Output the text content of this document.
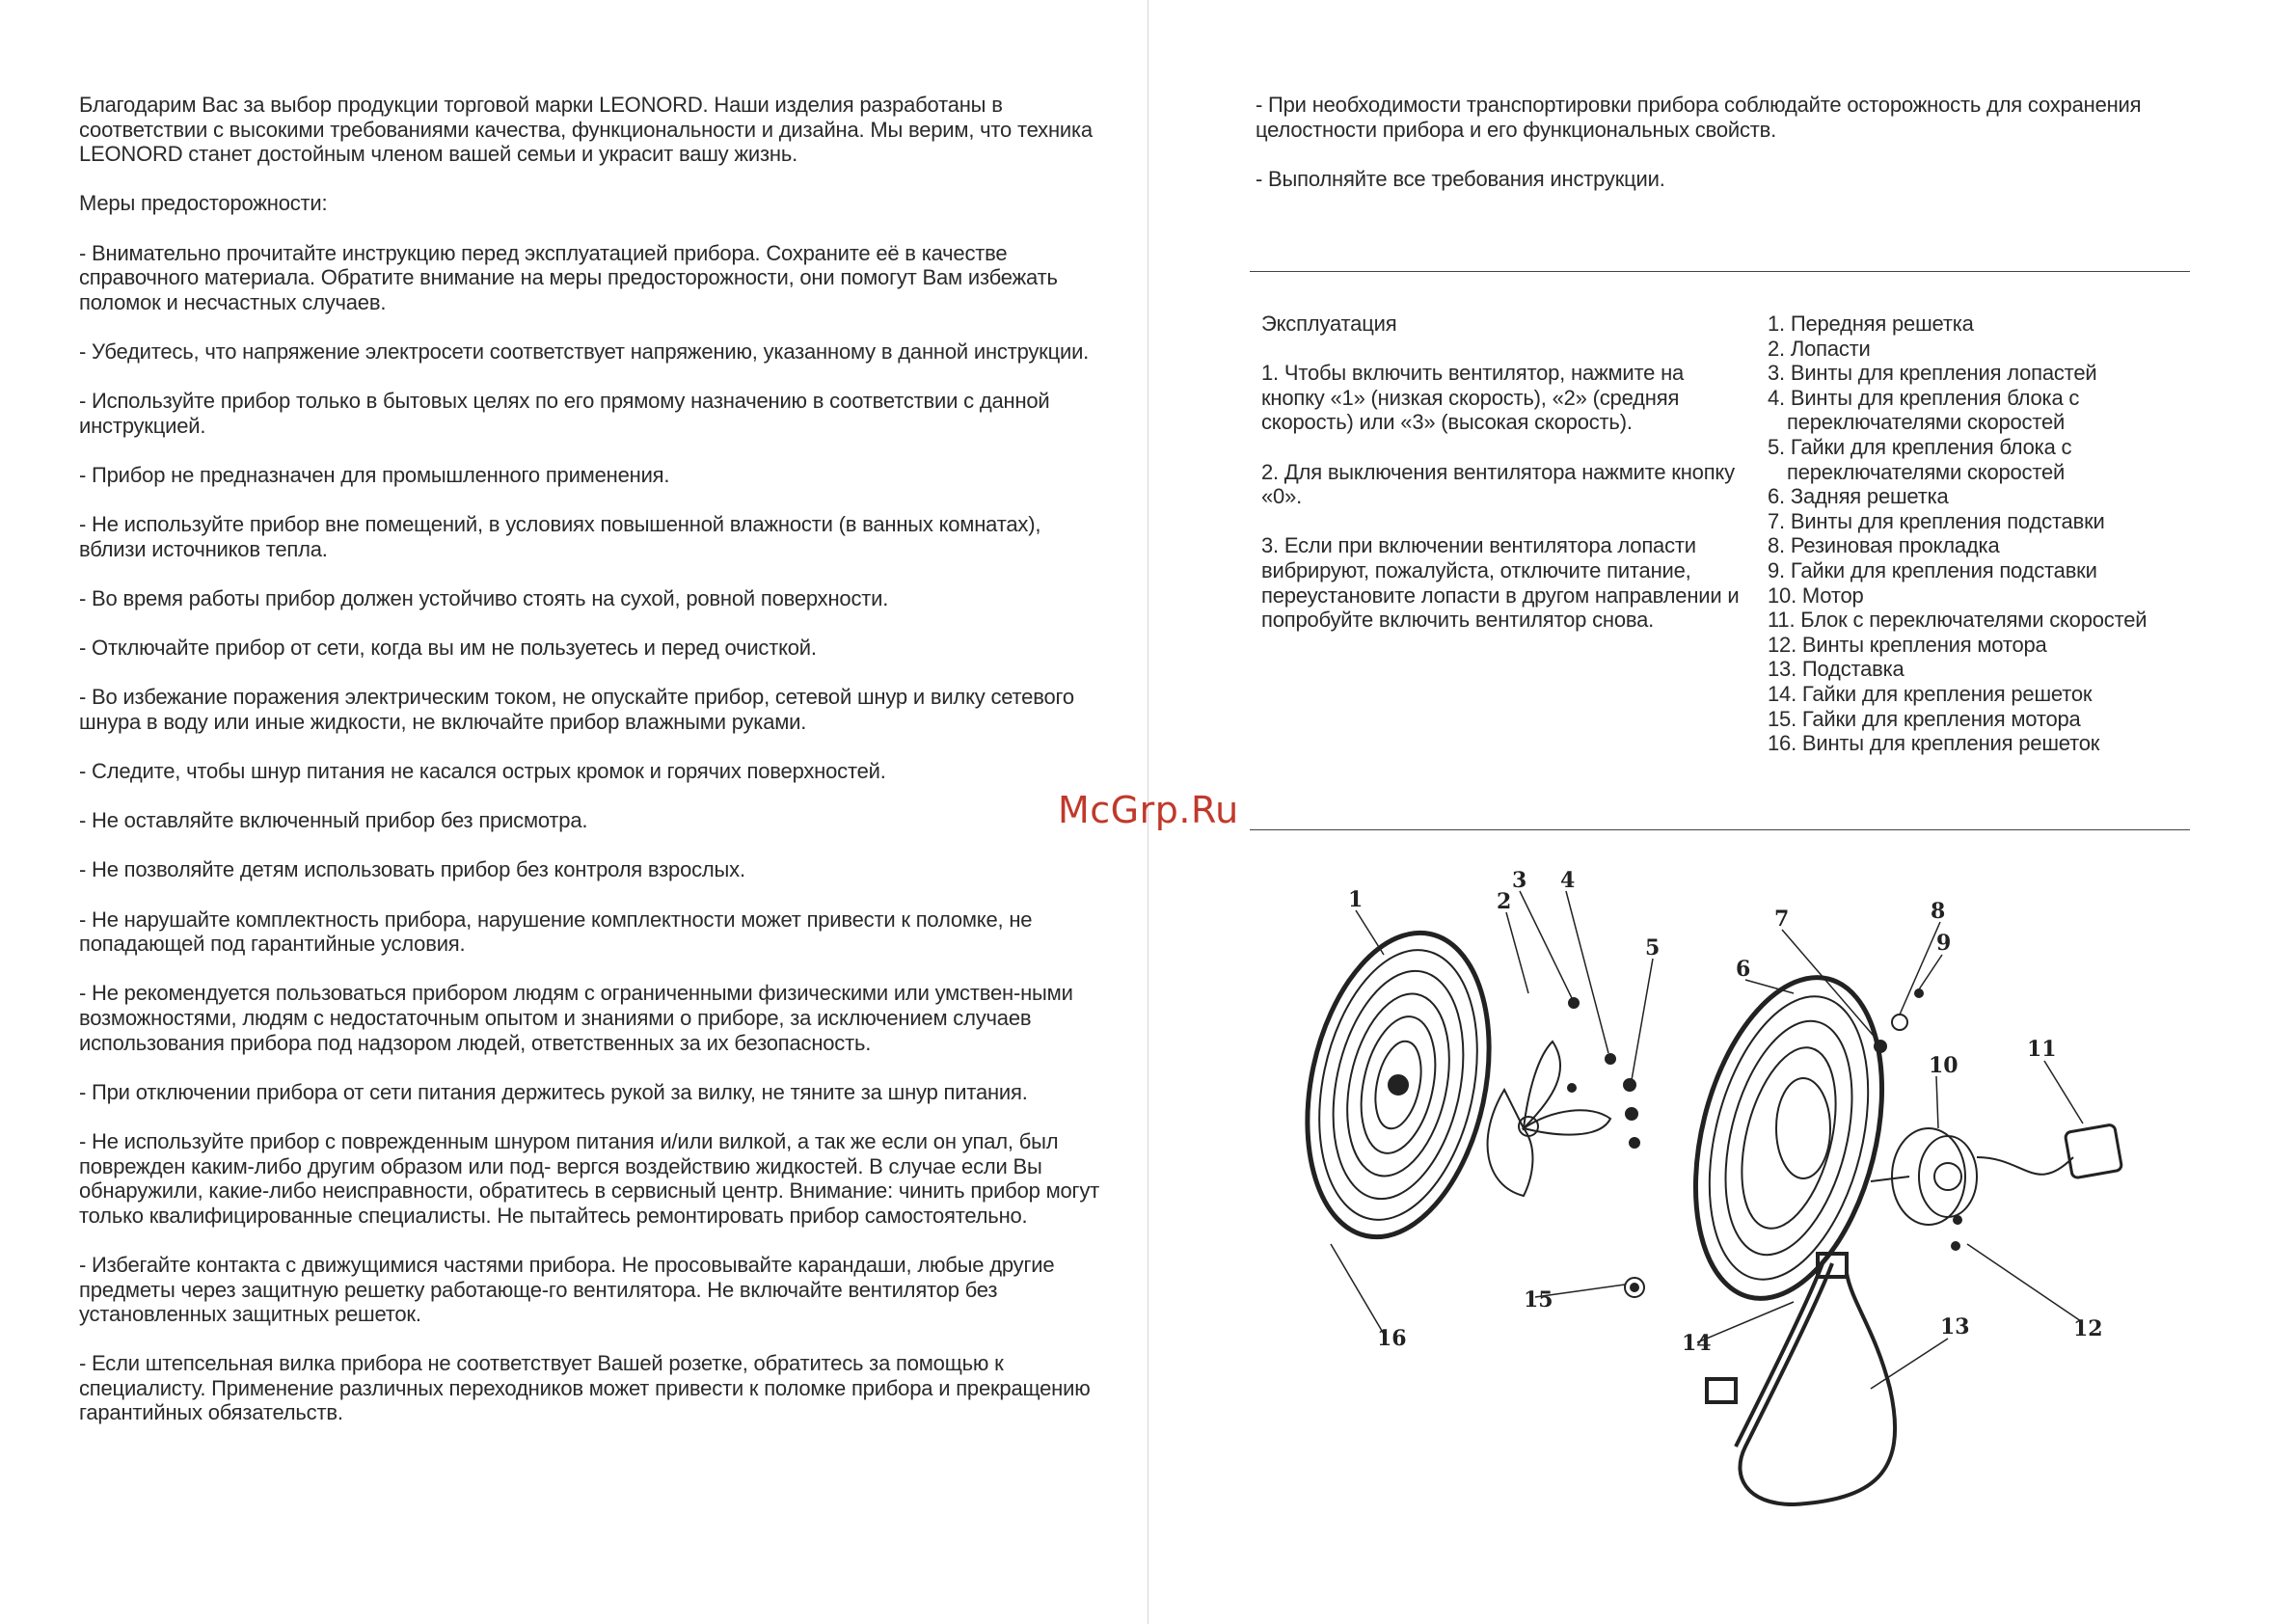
Благодарим Вас за выбор продукции торговой марки LEONORD. Наши изделия разработаны в соответствии с высокими требованиями качества, функциональности и дизайна. Мы верим, что техника LEONORD станет достойным членом вашей семьи и украсит вашу жизнь.

Меры предосторожности:

- Внимательно прочитайте инструкцию перед эксплуатацией прибора. Сохраните её в качестве справочного материала. Обратите внимание на меры предосторожности, они помогут Вам избежать поломок и несчастных случаев.

- Убедитесь, что напряжение электросети соответствует напряжению, указанному в данной инструкции.

- Используйте прибор только в бытовых целях по его прямому назначению в соответствии с данной инструкцией.

- Прибор не предназначен для промышленного применения.

- Не используйте прибор вне помещений, в условиях повышенной влажности (в ванных комнатах), вблизи источников тепла.

- Во время работы прибор должен устойчиво стоять на сухой, ровной поверхности.

- Отключайте прибор от сети, когда вы им не пользуетесь и перед очисткой.

- Во избежание поражения электрическим током, не опускайте прибор, сетевой шнур и вилку сетевого шнура в воду или иные жидкости, не включайте прибор влажными руками.

- Следите, чтобы шнур питания не касался острых кромок и горячих поверхностей.

- Не оставляйте включенный прибор без присмотра.

- Не позволяйте детям использовать прибор без контроля взрослых.

- Не нарушайте комплектность прибора, нарушение комплектности может привести к поломке, не попадающей под гарантийные условия.

- Не рекомендуется пользоваться прибором людям с ограниченными физическими или умствен-ными возможностями, людям с недостаточным опытом и знаниями о приборе, за исключением случаев использования прибора под надзором людей, ответственных за их безопасность.

- При отключении прибора от сети питания держитесь рукой за вилку, не тяните за шнур питания.

- Не используйте прибор с поврежденным шнуром питания и/или вилкой, а так же если он упал, был поврежден каким-либо другим образом или под- вергся воздействию жидкостей. В случае если Вы обнаружили, какие-либо неисправности, обратитесь в сервисный центр. Внимание: чинить прибор могут только квалифицированные специалисты. Не пытайтесь ремонтировать прибор самостоятельно.

- Избегайте контакта с движущимися частями прибора. Не просовывайте карандаши, любые другие предметы через защитную решетку работающе-го вентилятора. Не включайте вентилятор без установленных защитных решеток.

- Если штепсельная вилка прибора не соответствует Вашей розетке, обратитесь за помощью к специалисту. Применение различных переходников может привести к поломке прибора и прекращению гарантийных обязательств.

- При необходимости транспортировки прибора соблюдайте осторожность для сохранения целостности прибора и его функциональных свойств.

- Выполняйте все требования инструкции.

Эксплуатация

1. Чтобы включить вентилятор, нажмите на кнопку «1» (низкая скорость), «2» (средняя скорость) или «3» (высокая скорость).

2. Для выключения вентилятора нажмите кнопку «0».

3. Если при включении вентилятора лопасти вибрируют, пожалуйста, отключите питание, переустановите лопасти в другом направлении и попробуйте включить вентилятор снова.

1. Передняя решетка
2. Лопасти
3. Винты для крепления лопастей
4. Винты для крепления блока с переключателями скоростей
5. Гайки для крепления блока с переключателями скоростей
6. Задняя решетка
7. Винты для крепления подставки
8. Резиновая прокладка
9. Гайки для крепления подставки
10. Мотор
11. Блок с переключателями скоростей
12. Винты крепления мотора
13. Подставка
14. Гайки для крепления решеток
15. Гайки для крепления мотора
16. Винты для крепления решеток
McGrp.Ru
1	2
3 4
5
6
7	8
9
10
11
12
13
14
15
16
